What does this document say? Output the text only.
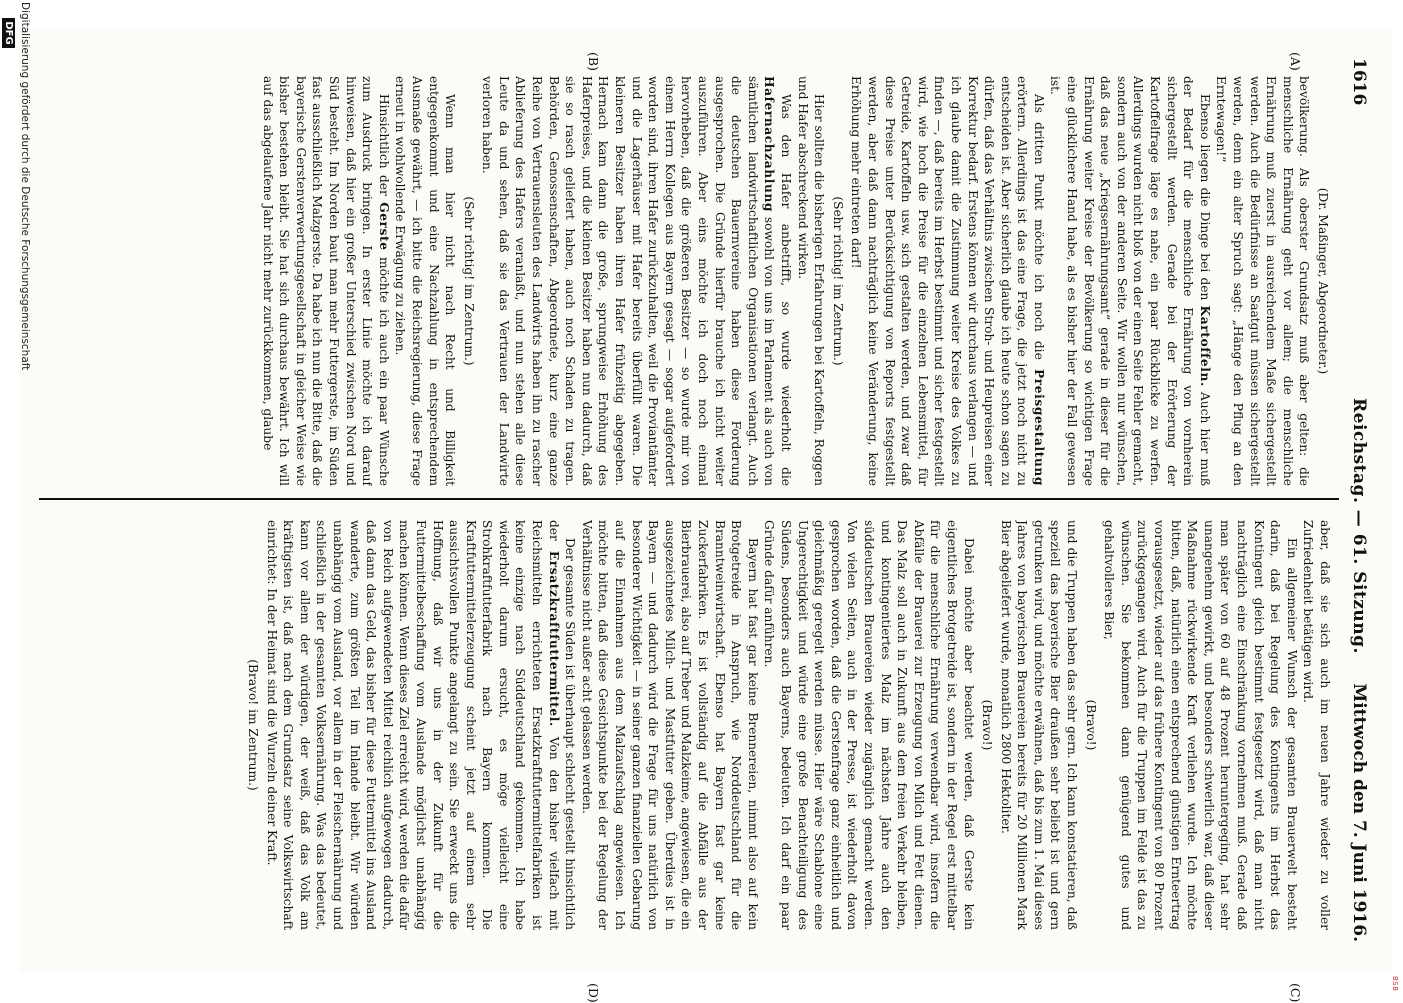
1616
Reichstag. — 61. Sitzung.
Mittwoch den 7. Juni 1916.
(A)
(B)
(C)
(D)

(Dr. Maßinger, Abgeordneter.)

bevölkerung. Als oberster Grundsatz muß aber gelten: die menschliche Ernährung geht vor allem; die menschliche Ernährung muß zuerst in ausreichendem Maße sichergestellt werden. Auch die Bedürfnisse an Saatgut müssen sichergestellt werden, denn ein alter Spruch sagt: „Hänge den Pflug an den Erntewagen!“

Ebenso liegen die Dinge bei den Kartoffeln. Auch hier muß der Bedarf für die menschliche Ernährung von vornherein sichergestellt werden. Gerade bei der Erörterung der Kartoffelfrage läge es nahe, ein paar Rückblicke zu werfen. Allerdings wurden nicht bloß von der einen Seite Fehler gemacht, sondern auch von der anderen Seite. Wir wollen nur wünschen, daß das neue „Kriegsernährungsamt“ gerade in dieser für die Ernährung weiter Kreise der Bevölkerung so wichtigen Frage eine glücklichere Hand habe, als es bisher hier der Fall gewesen ist.

Als dritten Punkt möchte ich noch die Preisgestaltung erörtern. Allerdings ist das eine Frage, die jetzt noch nicht zu entscheiden ist. Aber sicherlich glaube ich heute schon sagen zu dürfen, daß das Verhältnis zwischen Stroh- und Heupreisen einer Korrektur bedarf. Erstens können wir durchaus verlangen — und ich glaube damit die Zustimmung weiter Kreise des Volkes zu finden —, daß bereits im Herbst bestimmt und sicher festgestellt wird, wie hoch die Preise für die einzelnen Lebensmittel, für Getreide, Kartoffeln usw. sich gestalten werden, und zwar daß diese Preise unter Berücksichtigung von Reports festgestellt werden, aber daß dann nachträglich keine Veränderung, keine Erhöhung mehr eintreten darf!

(Sehr richtig! im Zentrum.)

Hier sollten die bisherigen Erfahrungen bei Kartoffeln, Roggen und Hafer abschreckend wirken.

Was den Hafer anbetrifft, so wurde wiederholt die Hafernachzahlung sowohl von uns im Parlament als auch von sämtlichen landwirtschaftlichen Organisationen verlangt. Auch die deutschen Bauernvereine haben diese Forderung ausgesprochen. Die Gründe hierfür brauche ich nicht weiter auszuführen. Aber eins möchte ich doch noch einmal hervorheben, daß die größeren Besitzer — so wurde mir von einem Herrn Kollegen aus Bayern gesagt — sogar aufgefordert worden sind, ihren Hafer zurückzuhalten, weil die Proviantämter und die Lagerhäuser mit Hafer bereits überfüllt waren. Die kleineren Besitzer haben ihren Hafer frühzeitig abgegeben. Hernach kam dann die große, sprungweise Erhöhung des Haferpreises, und die kleinen Besitzer haben nun dadurch, daß sie so rasch geliefert haben, auch noch Schaden zu tragen. Behörden, Genossenschaften, Abgeordnete, kurz eine ganze Reihe von Vertrauensleuten des Landwirts haben ihn zu rascher Ablieferung des Hafers veranlaßt, und nun stehen alle diese Leute da und sehen, daß sie das Vertrauen der Landwirte verloren haben.

(Sehr richtig! im Zentrum.)

Wenn man hier nicht nach Recht und Billigkeit entgegenkommt und eine Nachzahlung in entsprechendem Ausmaße gewährt, — ich bitte die Reichsregierung, diese Frage erneut in wohlwollende Erwägung zu ziehen.

Hinsichtlich der Gerste möchte ich auch ein paar Wünsche zum Ausdruck bringen. In erster Linie möchte ich darauf hinweisen, daß hier ein großer Unterschied zwischen Nord und Süd besteht. Im Norden baut man mehr Futtergerste, im Süden fast ausschließlich Malzgerste. Da habe ich nun die Bitte, daß die bayerische Gerstenverwertungsgesellschaft in gleicher Weise wie bisher bestehen bleibt. Sie hat sich durchaus bewährt. Ich will auf das abgelaufene Jahr nicht mehr zurückkommen, glaube

aber, daß sie sich auch im neuen Jahre wieder zu voller Zufriedenheit betätigen wird.

Ein allgemeiner Wunsch der gesamten Brauerwelt besteht darin, daß bei Regelung des Kontingents im Herbst das Kontingent gleich bestimmt festgesetzt wird, daß man nicht nachträglich eine Einschränkung vornehmen muß. Gerade daß man später von 60 auf 48 Prozent heruntergeging, hat sehr unangenehm gewirkt, und besonders schwerlich war, daß dieser Maßnahme rückwirkende Kraft verliehen wurde. Ich möchte bitten, daß, natürlich einen entsprechend günstigen Ernteertrag vorausgesetzt, wieder auf das frühere Kontingent von 80 Prozent zurückgegangen wird. Auch für die Truppen im Felde ist das zu wünschen. Sie bekommen dann genügend gutes und gehaltvolleres Bier,

(Bravo!)

und die Truppen haben das sehr gern. Ich kann konstatieren, daß speziell das bayerische Bier draußen sehr beliebt ist und gern getrunken wird, und möchte erwähnen, daß bis zum 1. Mai dieses Jahres von bayerischen Brauereien bereits für 20 Millionen Mark Bier abgeliefert wurde, monatlich 2800 Hektoliter.

(Bravo!)

Dabei möchte aber beachtet werden, daß Gerste kein eigentliches Brotgetreide ist, sondern in der Regel erst mittelbar für die menschliche Ernährung verwendbar wird, insofern die Abfälle der Brauerei zur Erzeugung von Milch und Fett dienen. Das Malz soll auch in Zukunft aus dem freien Verkehr bleiben, und kontingentiertes Malz im nächsten Jahre auch den süddeutschen Brauereien wieder zugänglich gemacht werden. Von vielen Seiten, auch in der Presse, ist wiederholt davon gesprochen worden, daß die Gerstenfrage ganz einheitlich und gleichmäßig geregelt werden müsse. Hier wäre Schablone eine Ungerechtigkeit und würde eine große Benachteiligung des Südens, besonders auch Bayerns, bedeuten. Ich darf ein paar Gründe dafür anführen.

Bayern hat fast gar keine Brennereien, nimmt also auf kein Brotgetreide in Anspruch, wie Norddeutschland für die Branntweinwirtschaft. Ebenso hat Bayern fast gar keine Zuckerfabriken. Es ist vollständig auf die Abfälle aus der Bierbrauerei, also auf Treber und Malzkeime, angewiesen, die ein ausgezeichnetes Milch- und Mastfutter geben. Überdies ist in Bayern — und dadurch wird die Frage für uns natürlich von besonderer Wichtigkeit — in seiner ganzen finanziellen Gebarung auf die Einnahmen aus dem Malzaufschlag angewiesen. Ich möchte bitten, daß diese Gesichtspunkte bei der Regelung der Verhältnisse nicht außer acht gelassen werden.

Der gesamte Süden ist überhaupt schlecht gestellt hinsichtlich der Ersatzkraftfuttermittel. Von den bisher vielfach mit Reichsmitteln errichteten Ersatzkraftfuttermittelfabriken ist keine einzige nach Süddeutschland gekommen. Ich habe wiederholt darum ersucht, es möge vielleicht eine Strohkraftfutterfabrik nach Bayern kommen. Die Kraftfuttermittelerzeugung scheint jetzt auf einem sehr aussichtsvollen Punkte angelangt zu sein. Sie erweckt uns die Hoffnung, daß wir uns in der Zukunft für die Futtermittelbeschaffung vom Auslande möglichst unabhängig machen können. Wenn dieses Ziel erreicht wird, werden die dafür von Reich aufgewendeten Mittel reichlich aufgewogen dadurch, daß dann das Geld, das bisher für diese Futtermittel ins Ausland wanderte, zum größten Teil im Inlande bleibt. Wir würden unabhängig vom Ausland, vor allem in der Fleischernährung und schließlich in der gesamten Volksernährung. Was das bedeutet, kann vor allem der würdigen, der weiß, daß das Volk am kräftigsten ist, daß nach dem Grundsatz seine Volkswirtschaft einrichtet: In der Heimat sind die Wurzeln deiner Kraft.

(Bravo! im Zentrum.)

BSB
Digitalisierung gefördert durch die Deutsche Forschungsgemeinschaft
DFG
